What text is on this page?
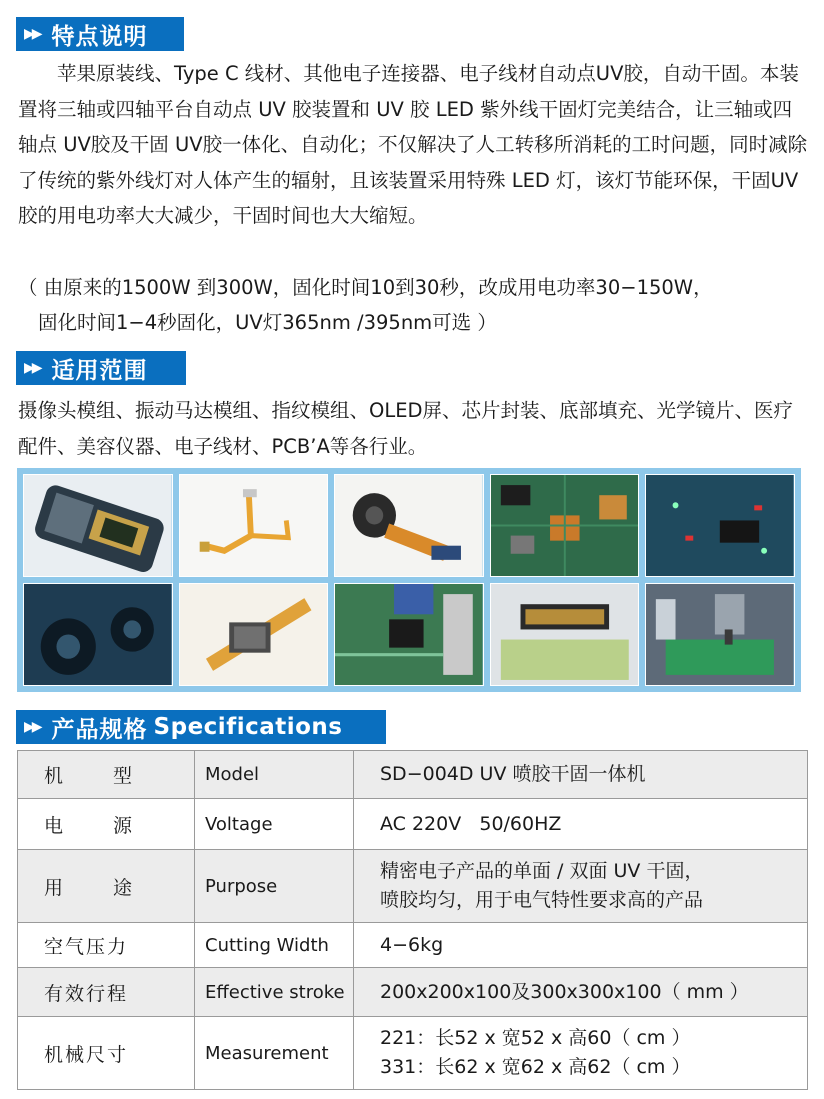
▶▶ 特点说明

苹果原装线、Type C 线材、其他电子连接器、电子线材自动点UV胶，自动干固。本装置将三轴或四轴平台自动点 UV 胶装置和 UV 胶 LED 紫外线干固灯完美结合，让三轴或四轴点 UV胶及干固 UV胶一体化、自动化；不仅解决了人工转移所消耗的工时问题，同时减除了传统的紫外线灯对人体产生的辐射，且该装置采用特殊 LED 灯，该灯节能环保，干固UV胶的用电功率大大减少，干固时间也大大缩短。

（ 由原来的1500W 到300W，固化时间10到30秒，改成用电功率30−150W，
固化时间1−4秒固化，UV灯365nm /395nm可选 ）

▶▶ 适用范围

摄像头模组、振动马达模组、指纹模组、OLED屏、芯片封装、底部填充、光学镜片、医疗配件、美容仪器、电子线材、PCB’A等各行业。

▶▶ 产品规格 Specifications
机 型	Model	SD−004D UV 喷胶干固一体机

电 源	Voltage	AC 220V   50/60HZ

用 途	Purpose	精密电子产品的单面 / 双面 UV 干固，
喷胶均匀，用于电气特性要求高的产品

空气压力	Cutting Width	4−6kg

有效行程	Effective stroke	200x200x100及300x300x100（ mm ）

机械尺寸	Measurement	221：长52 x 宽52 x 高60（ cm ）
331：长62 x 宽62 x 高62（ cm ）
